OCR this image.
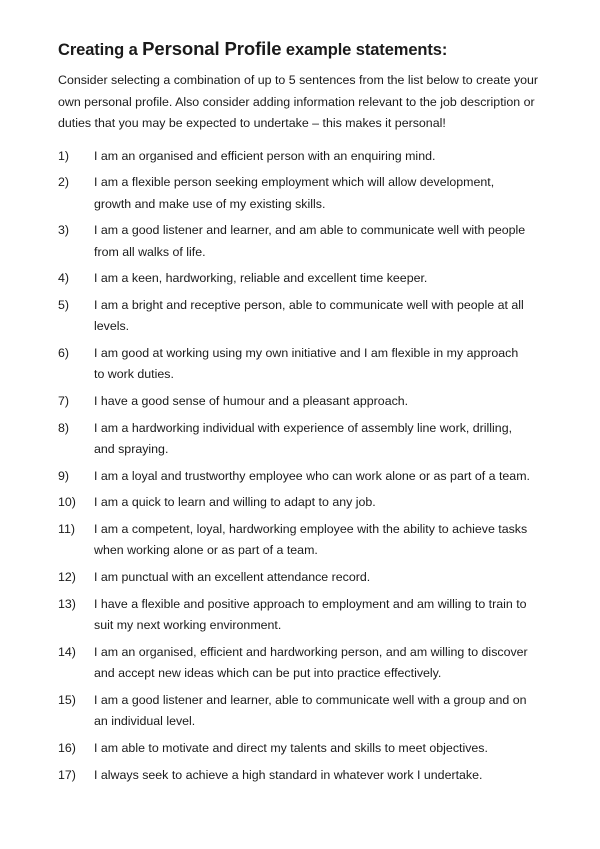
Creating a Personal Profile example statements:

Consider selecting a combination of up to 5 sentences from the list below to create your own personal profile. Also consider adding information relevant to the job description or duties that you may be expected to undertake – this makes it personal!

1)	I am an organised and efficient person with an enquiring mind.
2)	I am a flexible person seeking employment which will allow development, growth and make use of my existing skills.
3)	I am a good listener and learner, and am able to communicate well with people from all walks of life.
4)	I am a keen, hardworking, reliable and excellent time keeper.
5)	I am a bright and receptive person, able to communicate well with people at all levels.
6)	I am good at working using my own initiative and I am flexible in my approach to work duties.
7)	I have a good sense of humour and a pleasant approach.
8)	I am a hardworking individual with experience of assembly line work, drilling, and spraying.
9)	I am a loyal and trustworthy employee who can work alone or as part of a team.
10)	I am a quick to learn and willing to adapt to any job.
11)	I am a competent, loyal, hardworking employee with the ability to achieve tasks when working alone or as part of a team.
12)	I am punctual with an excellent attendance record.
13)	I have a flexible and positive approach to employment and am willing to train to suit my next working environment.
14)	I am an organised, efficient and hardworking person, and am willing to discover and accept new ideas which can be put into practice effectively.
15)	I am a good listener and learner, able to communicate well with a group and on an individual level.
16)	I am able to motivate and direct my talents and skills to meet objectives.
17)	I always seek to achieve a high standard in whatever work I undertake.
